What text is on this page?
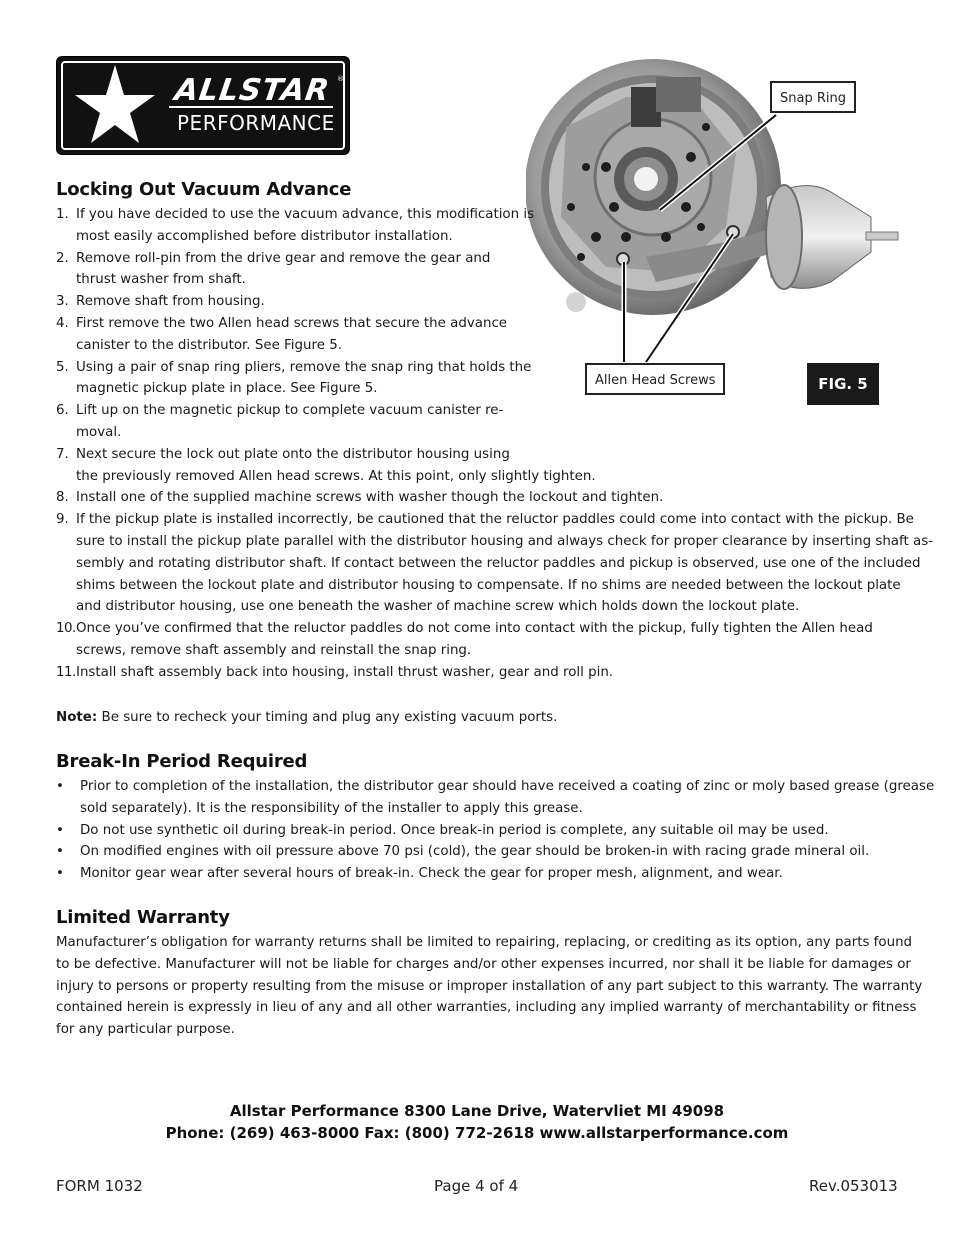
ALLSTAR
PERFORMANCE
®
Snap Ring
Allen Head Screws	FIG. 5
Locking Out Vacuum Advance
1. If you have decided to use the vacuum advance, this modification is
most easily accomplished before distributor installation.
2. Remove roll-pin from the drive gear and remove the gear and
thrust washer from shaft.
3. Remove shaft from housing.
4. First remove the two Allen head screws that secure the advance
canister to the distributor. See Figure 5.
5. Using a pair of snap ring pliers, remove the snap ring that holds the
magnetic pickup plate in place. See Figure 5.
6. Lift up on the magnetic pickup to complete vacuum canister re-
moval.
7. Next secure the lock out plate onto the distributor housing using
the previously removed Allen head screws. At this point, only slightly tighten.
8. Install one of the supplied machine screws with washer though the lockout and tighten.
9. If the pickup plate is installed incorrectly, be cautioned that the reluctor paddles could come into contact with the pickup. Be
sure to install the pickup plate parallel with the distributor housing and always check for proper clearance by inserting shaft as-
sembly and rotating distributor shaft. If contact between the reluctor paddles and pickup is observed, use one of the included
shims between the lockout plate and distributor housing to compensate. If no shims are needed between the lockout plate
and distributor housing, use one beneath the washer of machine screw which holds down the lockout plate.
10. Once you’ve confirmed that the reluctor paddles do not come into contact with the pickup, fully tighten the Allen head
screws, remove shaft assembly and reinstall the snap ring.
11. Install shaft assembly back into housing, install thrust washer, gear and roll pin.

Note: Be sure to recheck your timing and plug any existing vacuum ports.

Break-In Period Required
• Prior to completion of the installation, the distributor gear should have received a coating of zinc or moly based grease (grease
sold separately). It is the responsibility of the installer to apply this grease.
• Do not use synthetic oil during break-in period. Once break-in period is complete, any suitable oil may be used.
• On modified engines with oil pressure above 70 psi (cold), the gear should be broken-in with racing grade mineral oil.
• Monitor gear wear after several hours of break-in. Check the gear for proper mesh, alignment, and wear.
Limited Warranty
Manufacturer’s obligation for warranty returns shall be limited to repairing, replacing, or crediting as its option, any parts found
to be defective. Manufacturer will not be liable for charges and/or other expenses incurred, nor shall it be liable for damages or
injury to persons or property resulting from the misuse or improper installation of any part subject to this warranty. The warranty
contained herein is expressly in lieu of any and all other warranties, including any implied warranty of merchantability or fitness
for any particular purpose.
Allstar Performance 8300 Lane Drive, Watervliet MI 49098
Phone: (269) 463-8000 Fax: (800) 772-2618 www.allstarperformance.com
FORM 1032	Page 4 of 4	Rev.053013
